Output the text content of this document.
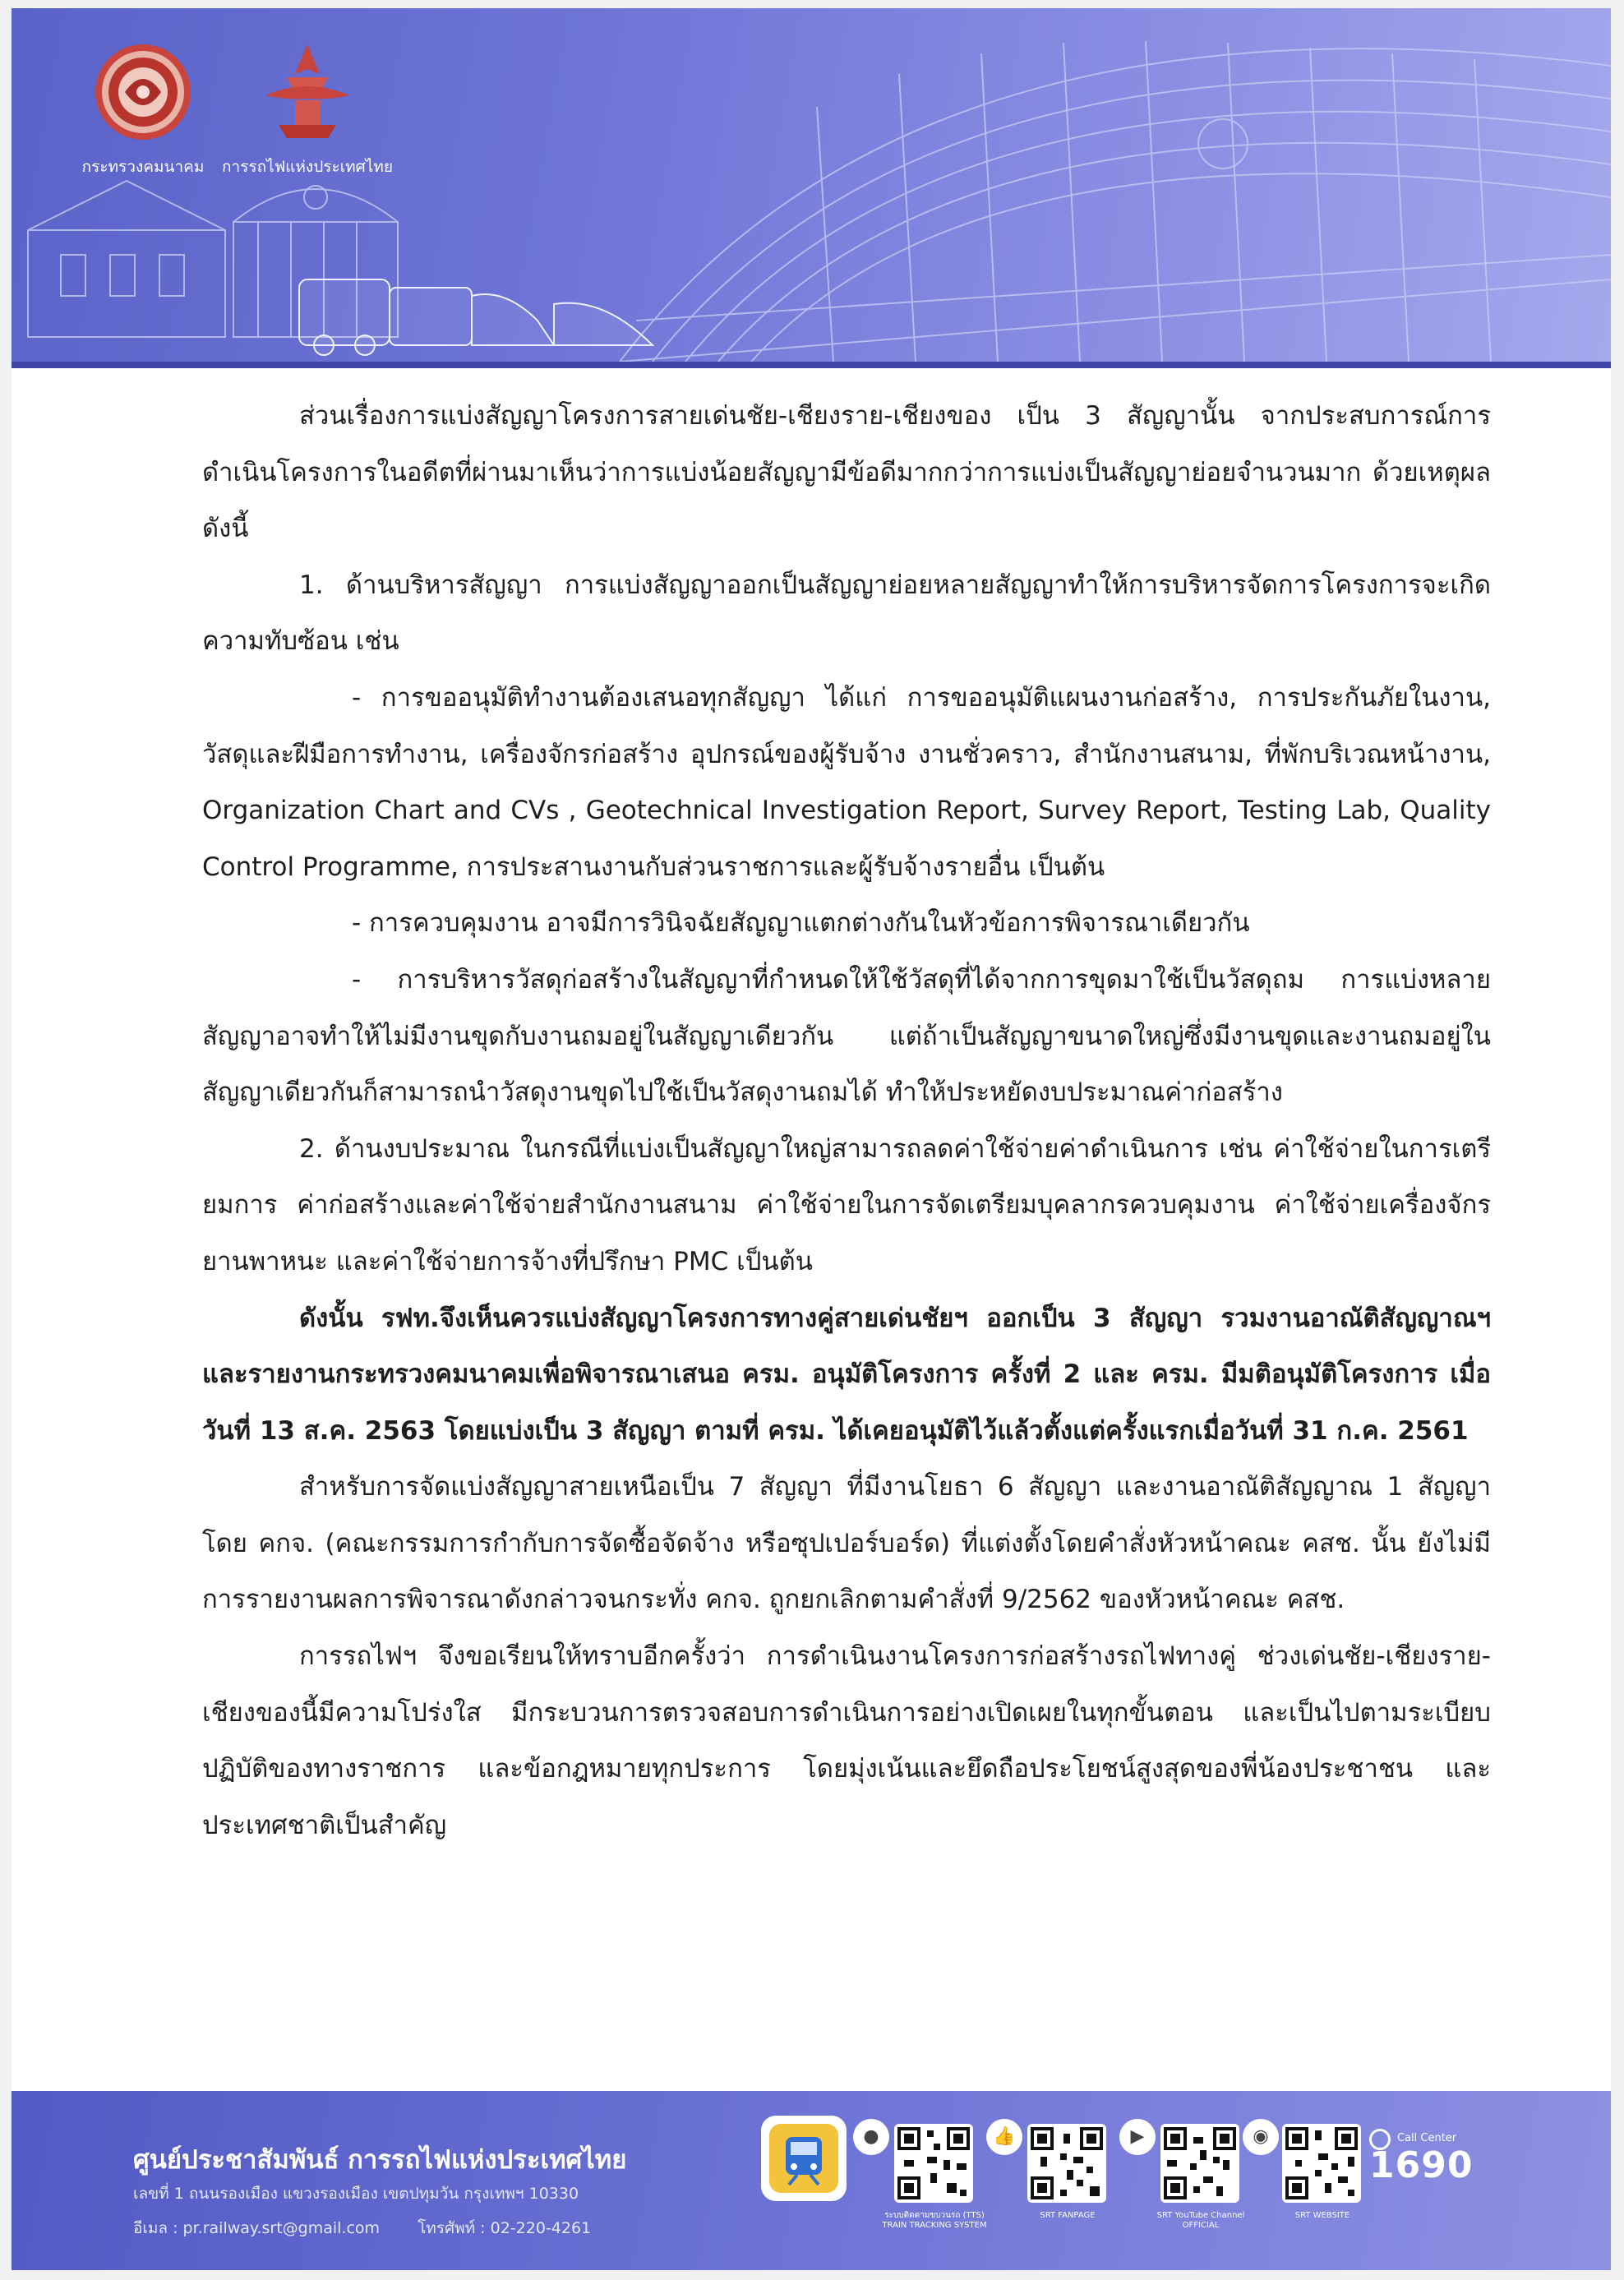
กระทรวงคมนาคม	การรถไฟแห่งประเทศไทย

ส่วนเรื่องการแบ่งสัญญาโครงการสายเด่นชัย-เชียงราย-เชียงของ เป็น 3 สัญญานั้น จากประสบการณ์การดำเนินโครงการในอดีตที่ผ่านมาเห็นว่าการแบ่งน้อยสัญญามีข้อดีมากกว่าการแบ่งเป็นสัญญาย่อยจำนวนมาก ด้วยเหตุผลดังนี้

1. ด้านบริหารสัญญา การแบ่งสัญญาออกเป็นสัญญาย่อยหลายสัญญาทำให้การบริหารจัดการโครงการจะเกิดความทับซ้อน เช่น

- การขออนุมัติทำงานต้องเสนอทุกสัญญา ได้แก่ การขออนุมัติแผนงานก่อสร้าง, การประกันภัยในงาน, วัสดุและฝีมือการทำงาน, เครื่องจักรก่อสร้าง อุปกรณ์ของผู้รับจ้าง งานชั่วคราว, สำนักงานสนาม, ที่พักบริเวณหน้างาน, Organization Chart and CVs , Geotechnical Investigation Report, Survey Report, Testing Lab, Quality Control Programme, การประสานงานกับส่วนราชการและผู้รับจ้างรายอื่น เป็นต้น

- การควบคุมงาน อาจมีการวินิจฉัยสัญญาแตกต่างกันในหัวข้อการพิจารณาเดียวกัน

- การบริหารวัสดุก่อสร้างในสัญญาที่กำหนดให้ใช้วัสดุที่ได้จากการขุดมาใช้เป็นวัสดุถม การแบ่งหลายสัญญาอาจทำให้ไม่มีงานขุดกับงานถมอยู่ในสัญญาเดียวกัน แต่ถ้าเป็นสัญญาขนาดใหญ่ซึ่งมีงานขุดและงานถมอยู่ในสัญญาเดียวกันก็สามารถนำวัสดุงานขุดไปใช้เป็นวัสดุงานถมได้ ทำให้ประหยัดงบประมาณค่าก่อสร้าง

2. ด้านงบประมาณ ในกรณีที่แบ่งเป็นสัญญาใหญ่สามารถลดค่าใช้จ่ายค่าดำเนินการ เช่น ค่าใช้จ่ายในการเตรียมการ ค่าก่อสร้างและค่าใช้จ่ายสำนักงานสนาม ค่าใช้จ่ายในการจัดเตรียมบุคลากรควบคุมงาน ค่าใช้จ่ายเครื่องจักร ยานพาหนะ และค่าใช้จ่ายการจ้างที่ปรึกษา PMC เป็นต้น

ดังนั้น รฟท.จึงเห็นควรแบ่งสัญญาโครงการทางคู่สายเด่นชัยฯ ออกเป็น 3 สัญญา รวมงานอาณัติสัญญาณฯ และรายงานกระทรวงคมนาคมเพื่อพิจารณาเสนอ ครม. อนุมัติโครงการ ครั้งที่ 2 และ ครม. มีมติอนุมัติโครงการ เมื่อวันที่ 13 ส.ค. 2563 โดยแบ่งเป็น 3 สัญญา ตามที่ ครม. ได้เคยอนุมัติไว้แล้วตั้งแต่ครั้งแรกเมื่อวันที่ 31 ก.ค. 2561

สำหรับการจัดแบ่งสัญญาสายเหนือเป็น 7 สัญญา ที่มีงานโยธา 6 สัญญา และงานอาณัติสัญญาณ 1 สัญญา โดย คกจ. (คณะกรรมการกำกับการจัดซื้อจัดจ้าง หรือซุปเปอร์บอร์ด) ที่แต่งตั้งโดยคำสั่งหัวหน้าคณะ คสช. นั้น ยังไม่มีการรายงานผลการพิจารณาดังกล่าวจนกระทั่ง คกจ. ถูกยกเลิกตามคำสั่งที่ 9/2562 ของหัวหน้าคณะ คสช.

การรถไฟฯ จึงขอเรียนให้ทราบอีกครั้งว่า การดำเนินงานโครงการก่อสร้างรถไฟทางคู่ ช่วงเด่นชัย-เชียงราย-เชียงของนี้มีความโปร่งใส มีกระบวนการตรวจสอบการดำเนินการอย่างเปิดเผยในทุกขั้นตอน และเป็นไปตามระเบียบปฏิบัติของทางราชการ และข้อกฎหมายทุกประการ โดยมุ่งเน้นและยึดถือประโยชน์สูงสุดของพี่น้องประชาชน และประเทศชาติเป็นสำคัญ

ศูนย์ประชาสัมพันธ์ การรถไฟแห่งประเทศไทย
เลขที่ 1 ถนนรองเมือง แขวงรองเมือง เขตปทุมวัน กรุงเทพฯ 10330
อีเมล : pr.railway.srt@gmail.com โทรศัพท์ : 02-220-4261
●
ระบบติดตามขบวนรถ (TTS) TRAIN TRACKING SYSTEM
👍
SRT FANPAGE
▶
SRT YouTube Channel OFFICIAL
◉
SRT WEBSITE
Call Center
1690
